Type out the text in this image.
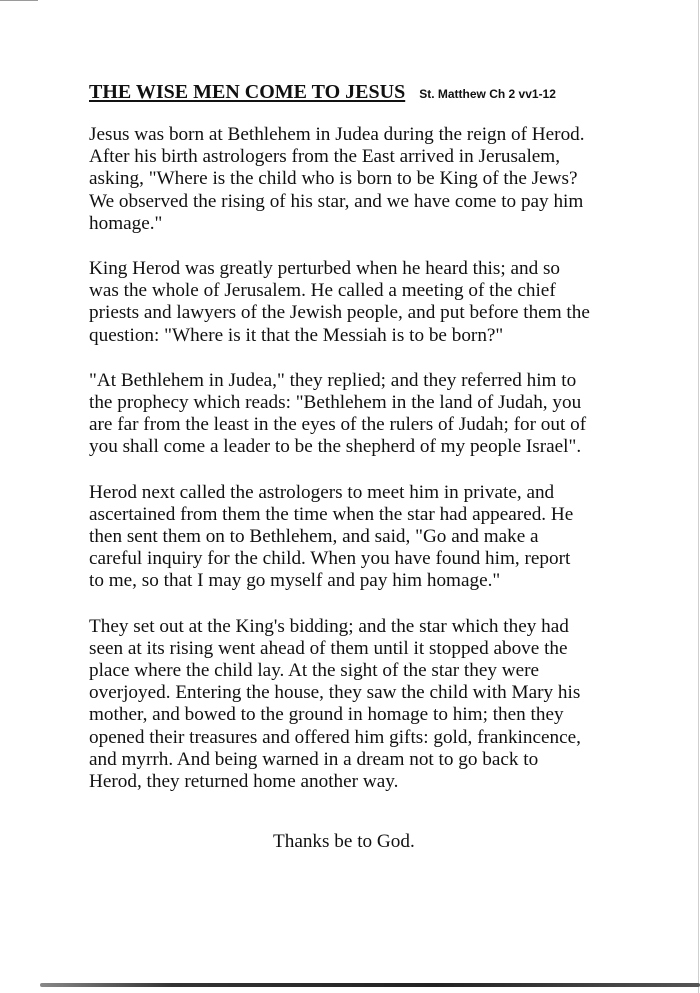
THE WISE MEN COME TO JESUS St. Matthew Ch 2 vv1-12

Jesus was born at Bethlehem in Judea during the reign of Herod.
After his birth astrologers from the East arrived in Jerusalem,
asking, "Where is the child who is born to be King of the Jews?
We observed the rising of his star, and we have come to pay him
homage."

King Herod was greatly perturbed when he heard this; and so
was the whole of Jerusalem. He called a meeting of the chief
priests and lawyers of the Jewish people, and put before them the
question: "Where is it that the Messiah is to be born?"

"At Bethlehem in Judea," they replied; and they referred him to
the prophecy which reads: "Bethlehem in the land of Judah, you
are far from the least in the eyes of the rulers of Judah; for out of
you shall come a leader to be the shepherd of my people Israel".

Herod next called the astrologers to meet him in private, and
ascertained from them the time when the star had appeared. He
then sent them on to Bethlehem, and said, "Go and make a
careful inquiry for the child. When you have found him, report
to me, so that I may go myself and pay him homage."

They set out at the King's bidding; and the star which they had
seen at its rising went ahead of them until it stopped above the
place where the child lay. At the sight of the star they were
overjoyed. Entering the house, they saw the child with Mary his
mother, and bowed to the ground in homage to him; then they
opened their treasures and offered him gifts: gold, frankincence,
and myrrh. And being warned in a dream not to go back to
Herod, they returned home another way.

Thanks be to God.
